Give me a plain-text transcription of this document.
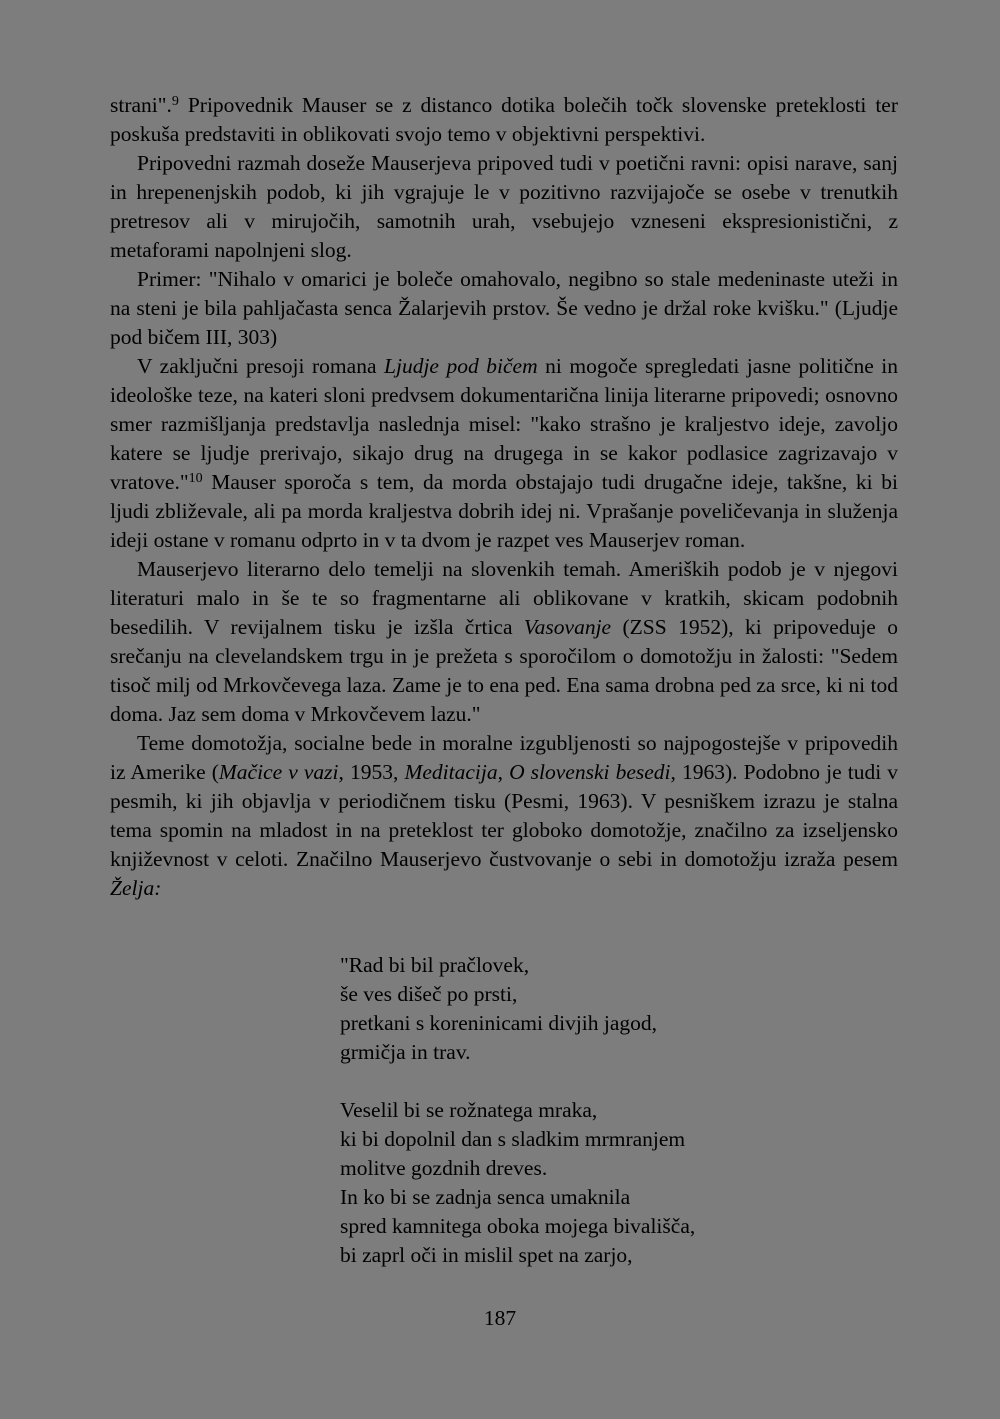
strani".$^9$ Pripovednik Mauser se z distanco dotika bolečih točk slovenske preteklosti ter poskuša predstaviti in oblikovati svojo temo v objektivni perspektivi.

Pripovedni razmah doseže Mauserjeva pripoved tudi v poetični ravni: opisi narave, sanj in hrepenenjskih podob, ki jih vgrajuje le v pozitivno razvijajoče se osebe v trenutkih pretresov ali v mirujočih, samotnih urah, vsebujejo vzneseni ekspresionistični, z metaforami napolnjeni slog.

Primer: "Nihalo v omarici je boleče omahovalo, negibno so stale medeninaste uteži in na steni je bila pahljačasta senca Žalarjevih prstov. Še vedno je držal roke kvišku." (Ljudje pod bičem III, 303)

V zaključni presoji romana Ljudje pod bičem ni mogoče spregledati jasne politične in ideološke teze, na kateri sloni predvsem dokumentarična linija literarne pripovedi; osnovno smer razmišljanja predstavlja naslednja misel: "kako strašno je kraljestvo ideje, zavoljo katere se ljudje prerivajo, sikajo drug na drugega in se kakor podlasice zagrizavajo v vratove."$^{10}$ Mauser sporoča s tem, da morda obstajajo tudi drugačne ideje, takšne, ki bi ljudi zbliževale, ali pa morda kraljestva dobrih idej ni. Vprašanje poveličevanja in služenja ideji ostane v romanu odprto in v ta dvom je razpet ves Mauserjev roman.

Mauserjevo literarno delo temelji na slovenkih temah. Ameriških podob je v njegovi literaturi malo in še te so fragmentarne ali oblikovane v kratkih, skicam podobnih besedilih. V revijalnem tisku je izšla črtica Vasovanje (ZSS 1952), ki pripoveduje o srečanju na clevelandskem trgu in je prežeta s sporočilom o domotožju in žalosti: "Sedem tisoč milj od Mrkovčevega laza. Zame je to ena ped. Ena sama drobna ped za srce, ki ni tod doma. Jaz sem doma v Mrkovčevem lazu."

Teme domotožja, socialne bede in moralne izgubljenosti so najpogostejše v pripovedih iz Amerike (Mačice v vazi, 1953, Meditacija, O slovenski besedi, 1963). Podobno je tudi v pesmih, ki jih objavlja v periodičnem tisku (Pesmi, 1963). V pesniškem izrazu je stalna tema spomin na mladost in na preteklost ter globoko domotožje, značilno za izseljensko književnost v celoti. Značilno Mauserjevo čustvovanje o sebi in domotožju izraža pesem Želja:

"Rad bi bil pračlovek,
še ves dišeč po prsti,
pretkani s koreninicami divjih jagod,
grmičja in trav.
Veselil bi se rožnatega mraka,
ki bi dopolnil dan s sladkim mrmranjem
molitve gozdnih dreves.
In ko bi se zadnja senca umaknila
spred kamnitega oboka mojega bivališča,
bi zaprl oči in mislil spet na zarjo,
187
